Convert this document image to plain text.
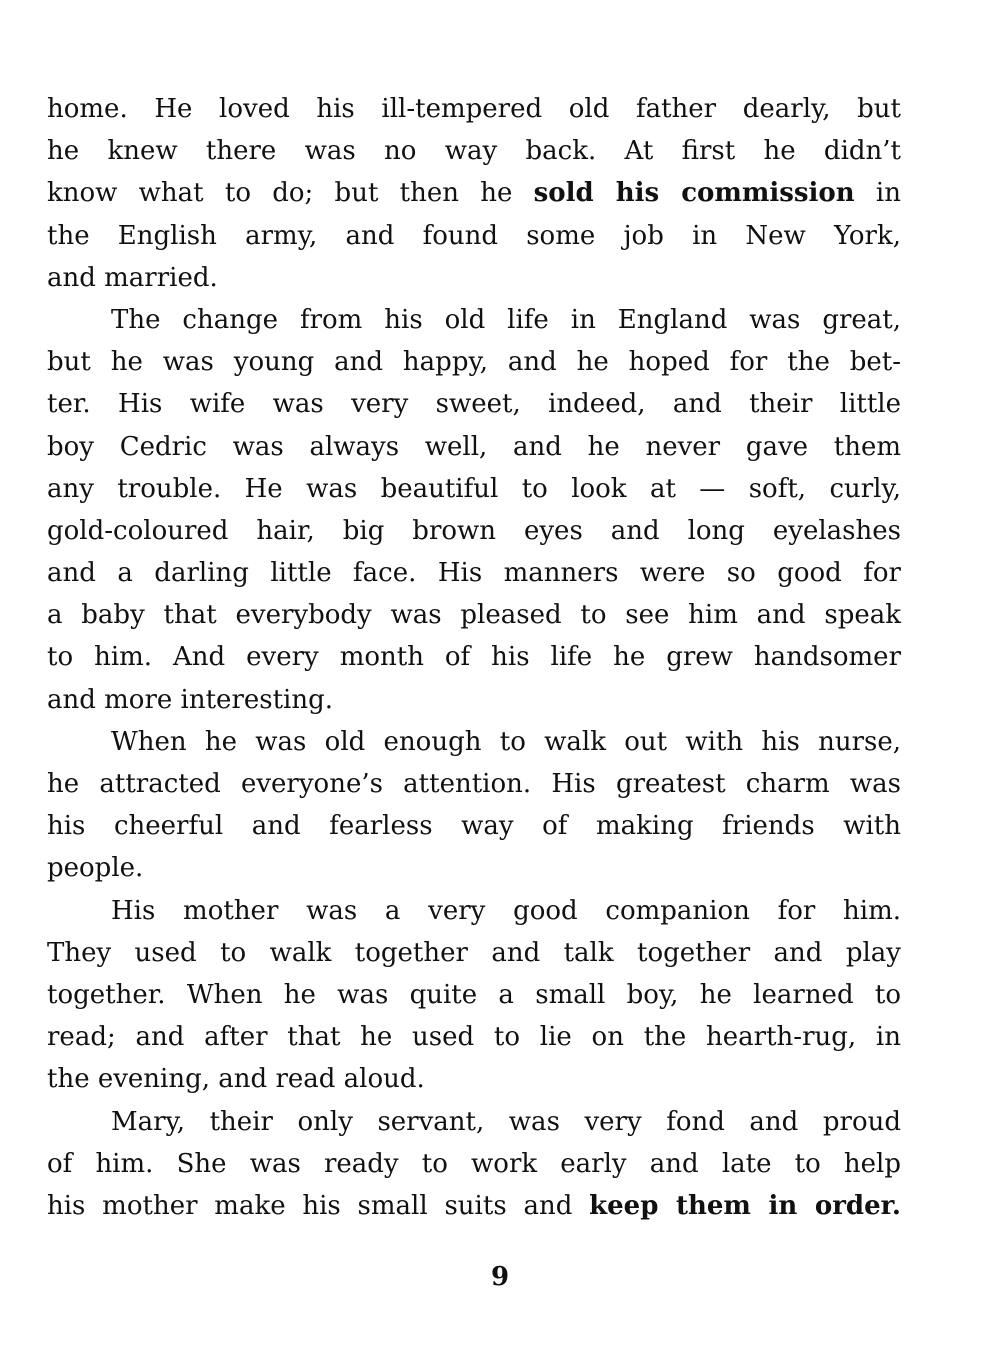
home. He loved his ill-tempered old father dearly, but
he knew there was no way back. At first he didn’t
know what to do; but then he sold his commission in
the English army, and found some job in New York,
and married.
The change from his old life in England was great,
but he was young and happy, and he hoped for the bet-
ter. His wife was very sweet, indeed, and their little
boy Cedric was always well, and he never gave them
any trouble. He was beautiful to look at — soft, curly,
gold-coloured hair, big brown eyes and long eyelashes
and a darling little face. His manners were so good for
a baby that everybody was pleased to see him and speak
to him. And every month of his life he grew handsomer
and more interesting.
When he was old enough to walk out with his nurse,
he attracted everyone’s attention. His greatest charm was
his cheerful and fearless way of making friends with
people.
His mother was a very good companion for him.
They used to walk together and talk together and play
together. When he was quite a small boy, he learned to
read; and after that he used to lie on the hearth-rug, in
the evening, and read aloud.
Mary, their only servant, was very fond and proud
of him. She was ready to work early and late to help
his mother make his small suits and keep them in order.
9
